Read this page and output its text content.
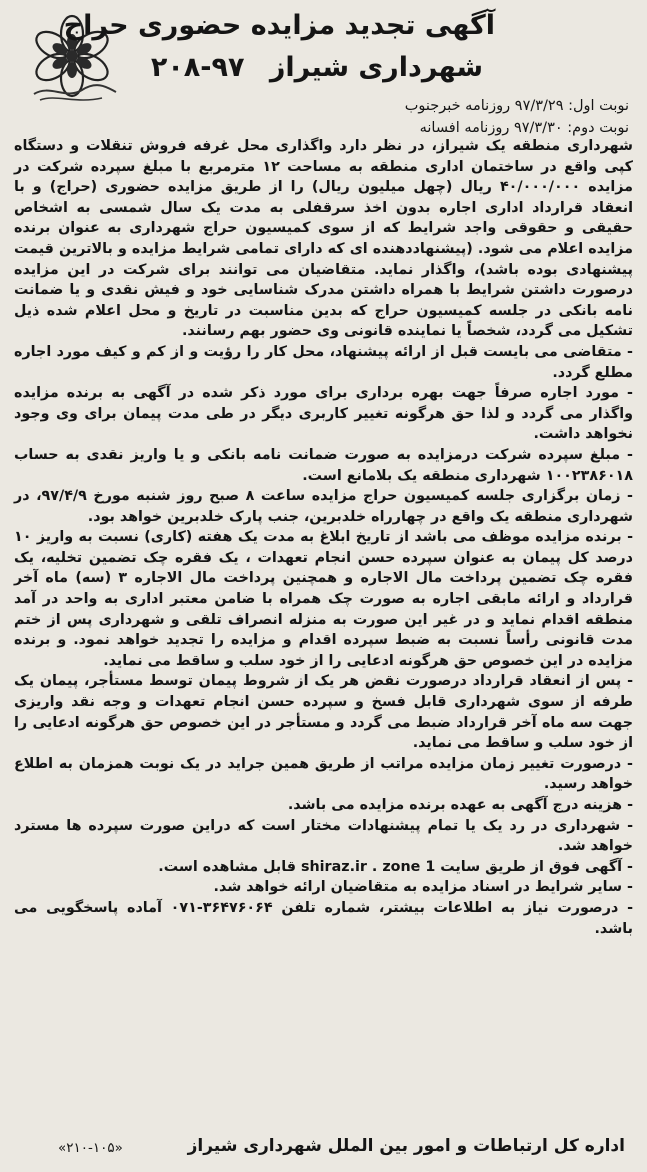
آگهی تجدید مزایده حضوری حراج
شهرداری شیراز ۲۰۸-۹۷
نوبت اول: ۹۷/۳/۲۹ روزنامه خبرجنوب
نوبت دوم: ۹۷/۳/۳۰ روزنامه افسانه

شهرداری منطقه یک شیراز، در نظر دارد واگذاری محل غرفه فروش تنقلات و دستگاه کپی واقع در ساختمان اداری منطقه به مساحت ۱۲ مترمربع با مبلغ سپرده شرکت در مزایده ۴۰/۰۰۰/۰۰۰ ریال (چهل میلیون ریال) را از طریق مزایده حضوری (حراج) و با انعقاد قرارداد اداری اجاره بدون اخذ سرقفلی به مدت یک سال شمسی به اشخاص حقیقی و حقوقی واجد شرایط که از سوی کمیسیون حراج شهرداری به عنوان برنده مزایده اعلام می شود. (پیشنهاددهنده ای که دارای تمامی شرایط مزایده و بالاترین قیمت پیشنهادی بوده باشد)، واگذار نماید. متقاضیان می توانند برای شرکت در این مزایده درصورت داشتن شرایط با همراه داشتن مدرک شناسایی خود و فیش نقدی و یا ضمانت نامه بانکی در جلسه کمیسیون حراج که بدین مناسبت در تاریخ و محل اعلام شده ذیل تشکیل می گردد، شخصاً یا نماینده قانونی وی حضور بهم رسانند.

- متقاضی می بایست قبل از ارائه پیشنهاد، محل کار را رؤیت و از کم و کیف مورد اجاره مطلع گردد.

- مورد اجاره صرفاً جهت بهره برداری برای مورد ذکر شده در آگهی به برنده مزایده واگذار می گردد و لذا حق هرگونه تغییر کاربری دیگر در طی مدت پیمان برای وی وجود نخواهد داشت.

- مبلغ سپرده شرکت درمزایده به صورت ضمانت نامه بانکی و یا واریز نقدی به حساب ۱۰۰۲۳۸۶۰۱۸ شهرداری منطقه یک بلامانع است.

- زمان برگزاری جلسه کمیسیون حراج مزایده ساعت ۸ صبح روز شنبه مورخ ۹۷/۴/۹، در شهرداری منطقه یک واقع در چهارراه خلدبرین، جنب پارک خلدبرین خواهد بود.

- برنده مزایده موظف می باشد از تاریخ ابلاغ به مدت یک هفته (کاری) نسبت به واریز ۱۰ درصد کل پیمان به عنوان سپرده حسن انجام تعهدات ، یک فقره چک تضمین تخلیه، یک فقره چک تضمین پرداخت مال الاجاره و همچنین پرداخت مال الاجاره ۳ (سه) ماه آخر قرارداد و ارائه مابقی اجاره به صورت چک همراه با ضامن معتبر اداری به واحد در آمد منطقه اقدام نماید و در غیر این صورت به منزله انصراف تلقی و شهرداری پس از ختم مدت قانونی رأساً نسبت به ضبط سپرده اقدام و مزایده را تجدید خواهد نمود. و برنده مزایده در این خصوص حق هرگونه ادعایی را از خود سلب و ساقط می نماید.

- پس از انعقاد قرارداد درصورت نقض هر یک از شروط پیمان توسط مستأجر، پیمان یک طرفه از سوی شهرداری قابل فسخ و سپرده حسن انجام تعهدات و وجه نقد واریزی جهت سه ماه آخر قرارداد ضبط می گردد و مستأجر در این خصوص حق هرگونه ادعایی را از خود سلب و ساقط می نماید.

- درصورت تغییر زمان مزایده مراتب از طریق همین جراید در یک نوبت همزمان به اطلاع خواهد رسید.

- هزینه درج آگهی به عهده برنده مزایده می باشد.

- شهرداری در رد یک یا تمام پیشنهادات مختار است که دراین صورت سپرده ها مسترد خواهد شد.

- آگهی فوق از طریق سایت shiraz.ir . zone 1 قابل مشاهده است.

- سایر شرایط در اسناد مزایده به متقاضیان ارائه خواهد شد.

- درصورت نیاز به اطلاعات بیشتر، شماره تلفن ۳۶۴۷۶۰۶۴-۰۷۱ آماده پاسخگویی می باشد.

اداره کل ارتباطات و امور بین الملل شهرداری شیراز
«۲۱۰-۱۰۵»
